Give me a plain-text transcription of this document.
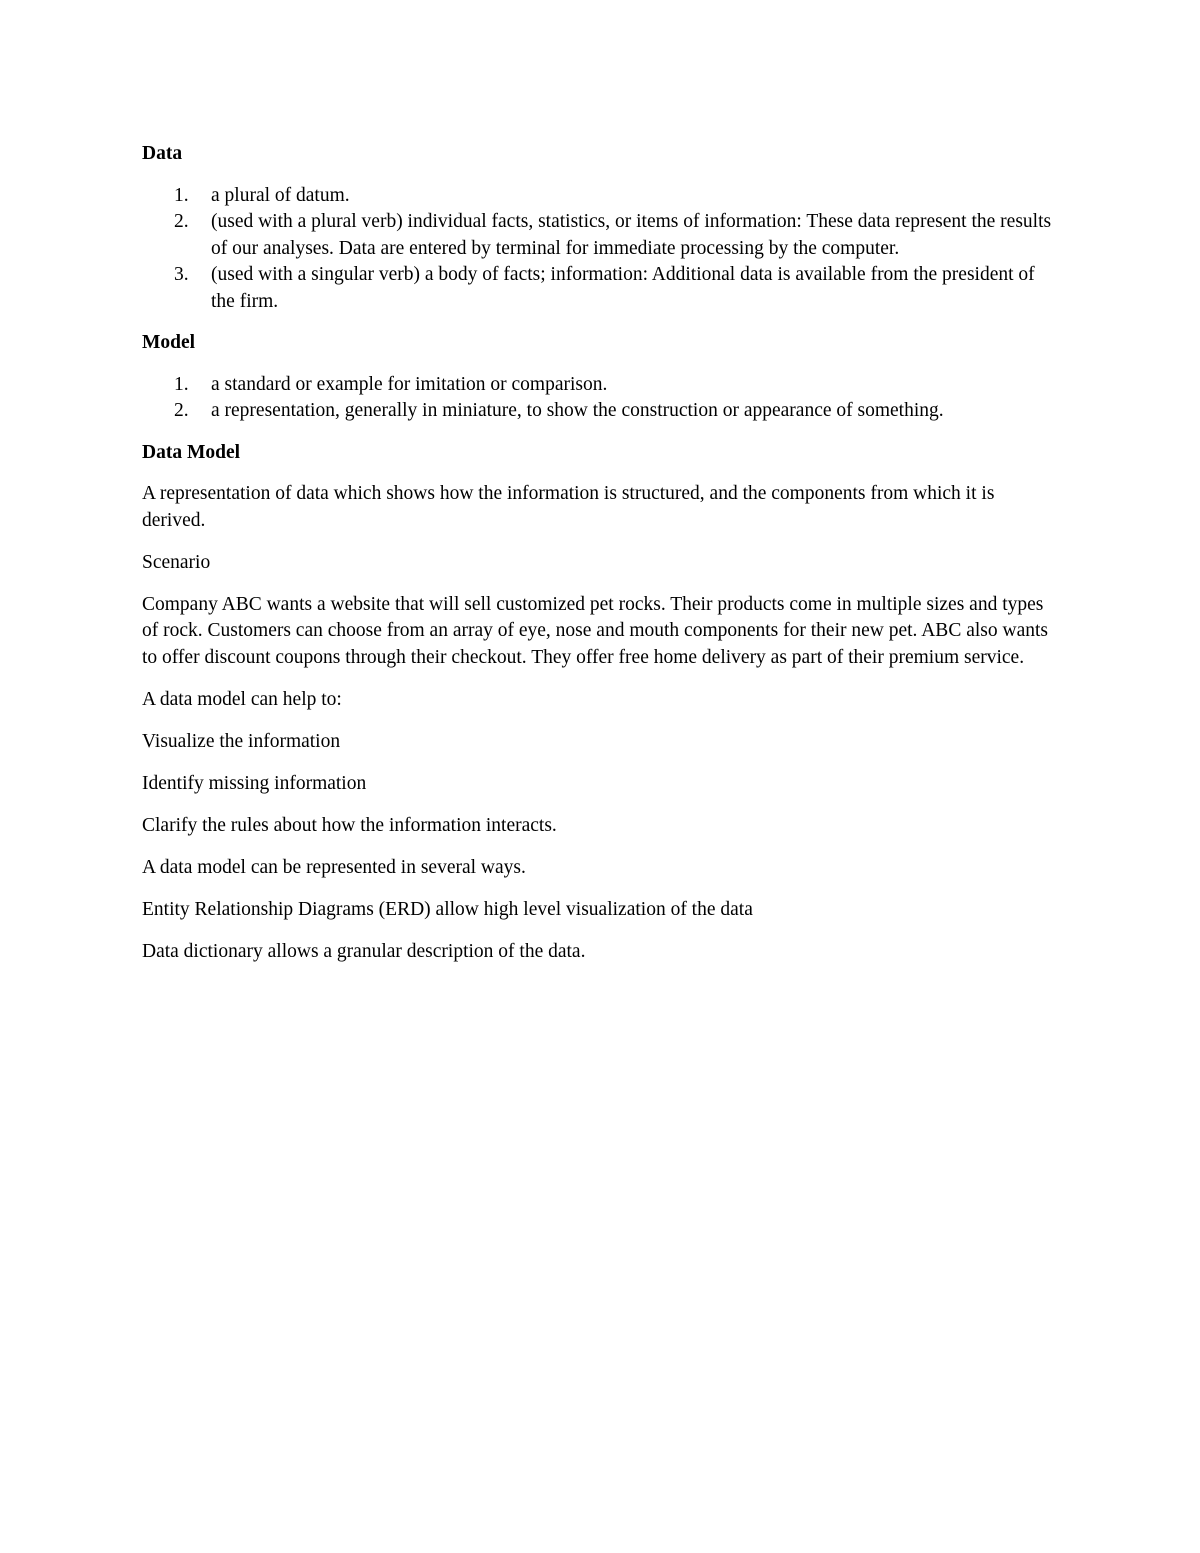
Data
1. a plural of datum.
2. (used with a plural verb) individual facts, statistics, or items of information: These data represent the results of our analyses. Data are entered by terminal for immediate processing by the computer.
3. (used with a singular verb) a body of facts; information: Additional data is available from the president of the firm.
Model
1. a standard or example for imitation or comparison.
2. a representation, generally in miniature, to show the construction or appearance of something.
Data Model

A representation of data which shows how the information is structured, and the components from which it is derived.

Scenario

Company ABC wants a website that will sell customized pet rocks. Their products come in multiple sizes and types of rock. Customers can choose from an array of eye, nose and mouth components for their new pet. ABC also wants to offer discount coupons through their checkout. They offer free home delivery as part of their premium service.

A data model can help to:

Visualize the information

Identify missing information

Clarify the rules about how the information interacts.

A data model can be represented in several ways.

Entity Relationship Diagrams (ERD) allow high level visualization of the data

Data dictionary allows a granular description of the data.
